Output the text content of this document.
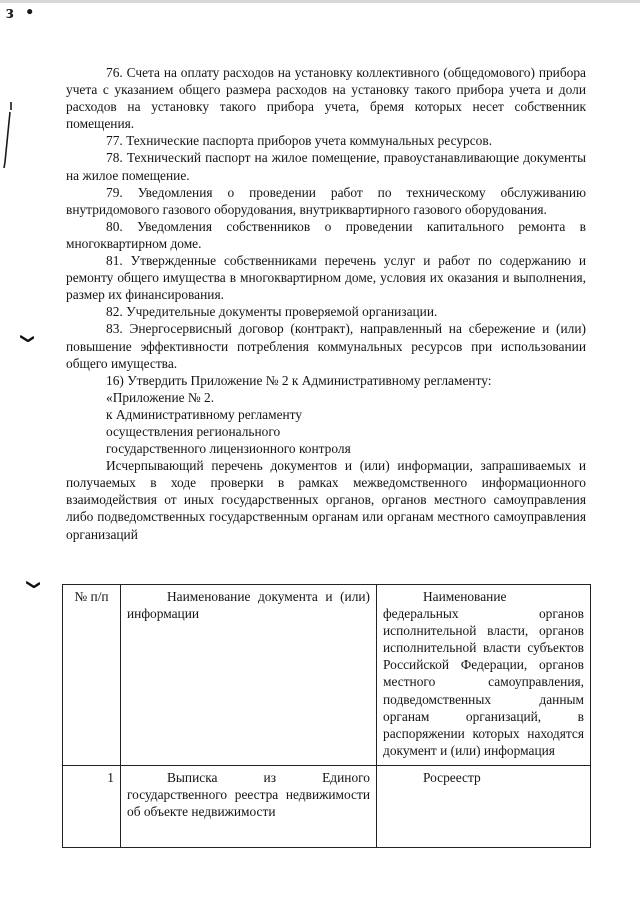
з •

76. Счета на оплату расходов на установку коллективного (общедомового) прибора учета с указанием общего размера расходов на установку такого прибора учета и доли расходов на установку такого прибора учета, бремя которых несет собственник помещения.

77. Технические паспорта приборов учета коммунальных ресурсов.

78. Технический паспорт на жилое помещение, правоустанавливающие документы на жилое помещение.

79. Уведомления о проведении работ по техническому обслуживанию внутридомового газового оборудования, внутриквартирного газового оборудования.

80. Уведомления собственников о проведении капитального ремонта в многоквартирном доме.

81. Утвержденные собственниками перечень услуг и работ по содержанию и ремонту общего имущества в многоквартирном доме, условия их оказания и выполнения, размер их финансирования.

82. Учредительные документы проверяемой организации.

83. Энергосервисный договор (контракт), направленный на сбережение и (или) повышение эффективности потребления коммунальных ресурсов при использовании общего имущества.

16) Утвердить Приложение № 2 к Административному регламенту:

«Приложение № 2.

к Административному регламенту

осуществления регионального

государственного лицензионного контроля

Исчерпывающий перечень документов и (или) информации, запрашиваемых и получаемых в ходе проверки в рамках межведомственного информационного взаимодействия от иных государственных органов, органов местного самоуправления либо подведомственных государственным органам или органам местного самоуправления организаций

№ п/п	Наименование документа и (или) информации	Наименование федеральных органов исполнительной власти, органов исполнительной власти субъектов Российской Федерации, органов местного самоуправления, подведомственных данным органам организаций, в распоряжении которых находятся документ и (или) информация

1	Выписка из Единого государственного реестра недвижимости об объекте недвижимости	Росреестр
